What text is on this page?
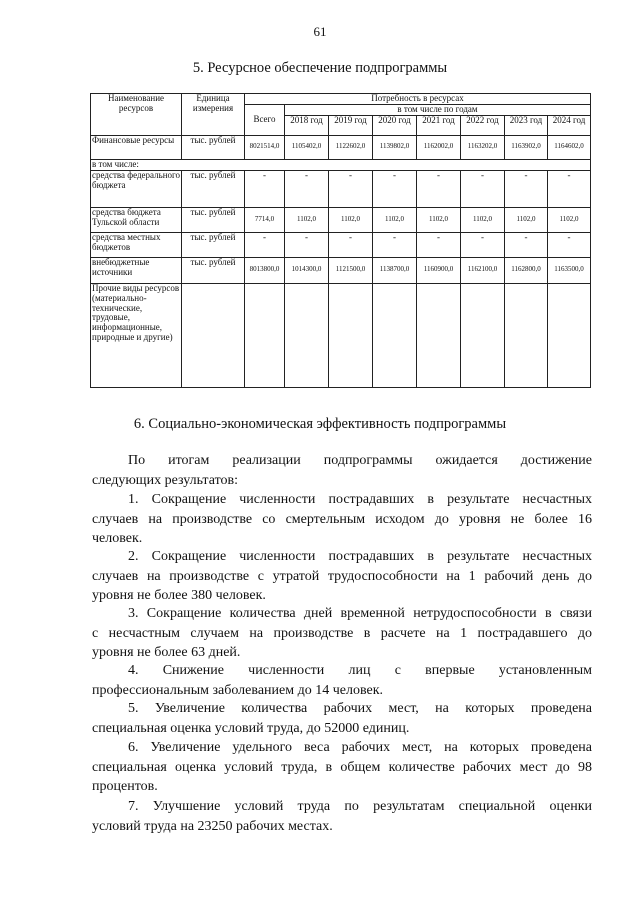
61
5. Ресурсное обеспечение подпрограммы
Наименование ресурсов	Единица измерения	Потребность в ресурсах							
		Всего	в том числе по годам						
			2018 год	2019 год	2020 год	2021 год	2022 год	2023 год	2024 год
Финансовые ресурсы	тыс. рублей	8021514,0	1105402,0	1122602,0	1139802,0	1162002,0	1163202,0	1163902,0	1164602,0
в том числе:									
средства федерального бюджета	тыс. рублей	-	-	-	-	-	-	-	-
средства бюджета Тульской области	тыс. рублей	7714,0	1102,0	1102,0	1102,0	1102,0	1102,0	1102,0	1102,0
средства местных бюджетов	тыс. рублей	-	-	-	-	-	-	-	-
внебюджетные источники	тыс. рублей	8013800,0	1014300,0	1121500,0	1138700,0	1160900,0	1162100,0	1162800,0	1163500,0
Прочие виды ресурсов (материально-технические, трудовые, информационные, природные и другие)									
6. Социально-экономическая эффективность подпрограммы
По итогам реализации подпрограммы ожидается достижение
следующих результатов:
1. Сокращение численности пострадавших в результате несчастных
случаев на производстве со смертельным исходом до уровня не более 16
человек.
2. Сокращение численности пострадавших в результате несчастных
случаев на производстве с утратой трудоспособности на 1 рабочий день до
уровня не более 380 человек.
3. Сокращение количества дней временной нетрудоспособности в связи
с несчастным случаем на производстве в расчете на 1 пострадавшего до
уровня не более 63 дней.
4. Снижение численности лиц с впервые установленным
профессиональным заболеванием до 14 человек.
5. Увеличение количества рабочих мест, на которых проведена
специальная оценка условий труда, до 52000 единиц.
6. Увеличение удельного веса рабочих мест, на которых проведена
специальная оценка условий труда, в общем количестве рабочих мест до 98
процентов.
7. Улучшение условий труда по результатам специальной оценки
условий труда на 23250 рабочих местах.
